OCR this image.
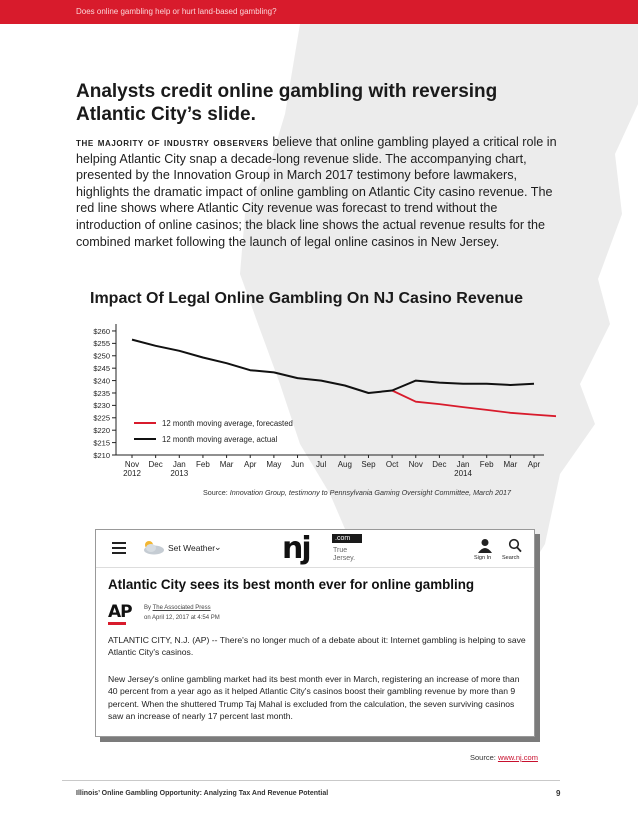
Does online gambling help or hurt land-based gambling?
Analysts credit online gambling with reversing Atlantic City’s slide.

the majority of industry observers believe that online gambling played a critical role in helping Atlantic City snap a decade-long revenue slide. The accompanying chart, presented by the Innovation Group in March 2017 testimony before lawmakers, highlights the dramatic impact of online gambling on Atlantic City casino revenue. The red line shows where Atlantic City revenue was forecast to trend without the introduction of online casinos; the black line shows the actual revenue results for the combined market following the launch of legal online casinos in New Jersey.

Impact Of Legal Online Gambling On NJ Casino Revenue
$210
$215
$220
$225
$230
$235
$240
$245
$250
$255
$260
Nov Dec Jan Feb Mar Apr May Jun Jul Aug Sep Oct Nov Dec Jan Feb Mar Apr
2012	2013	2014
12 month moving average, forecasted
12 month moving average, actual
Source: Innovation Group, testimony to Pennsylvania Gaming Oversight Committee, March 2017
Set Weather
⌄ nj	.com
True
Jersey.	Sign In Search
Atlantic City sees its best month ever for online gambling
AP By The Associated Press
on April 12, 2017 at 4:54 PM

ATLANTIC CITY, N.J. (AP) -- There's no longer much of a debate about it: Internet gambling is helping to save Atlantic City's casinos.

New Jersey's online gambling market had its best month ever in March, registering an increase of more than 40 percent from a year ago as it helped Atlantic City's casinos boost their gambling revenue by more than 9 percent. When the shuttered Trump Taj Mahal is excluded from the calculation, the seven surviving casinos saw an increase of nearly 17 percent last month.

Source: www.nj.com
Illinois’ Online Gambling Opportunity: Analyzing Tax And Revenue Potential	9
